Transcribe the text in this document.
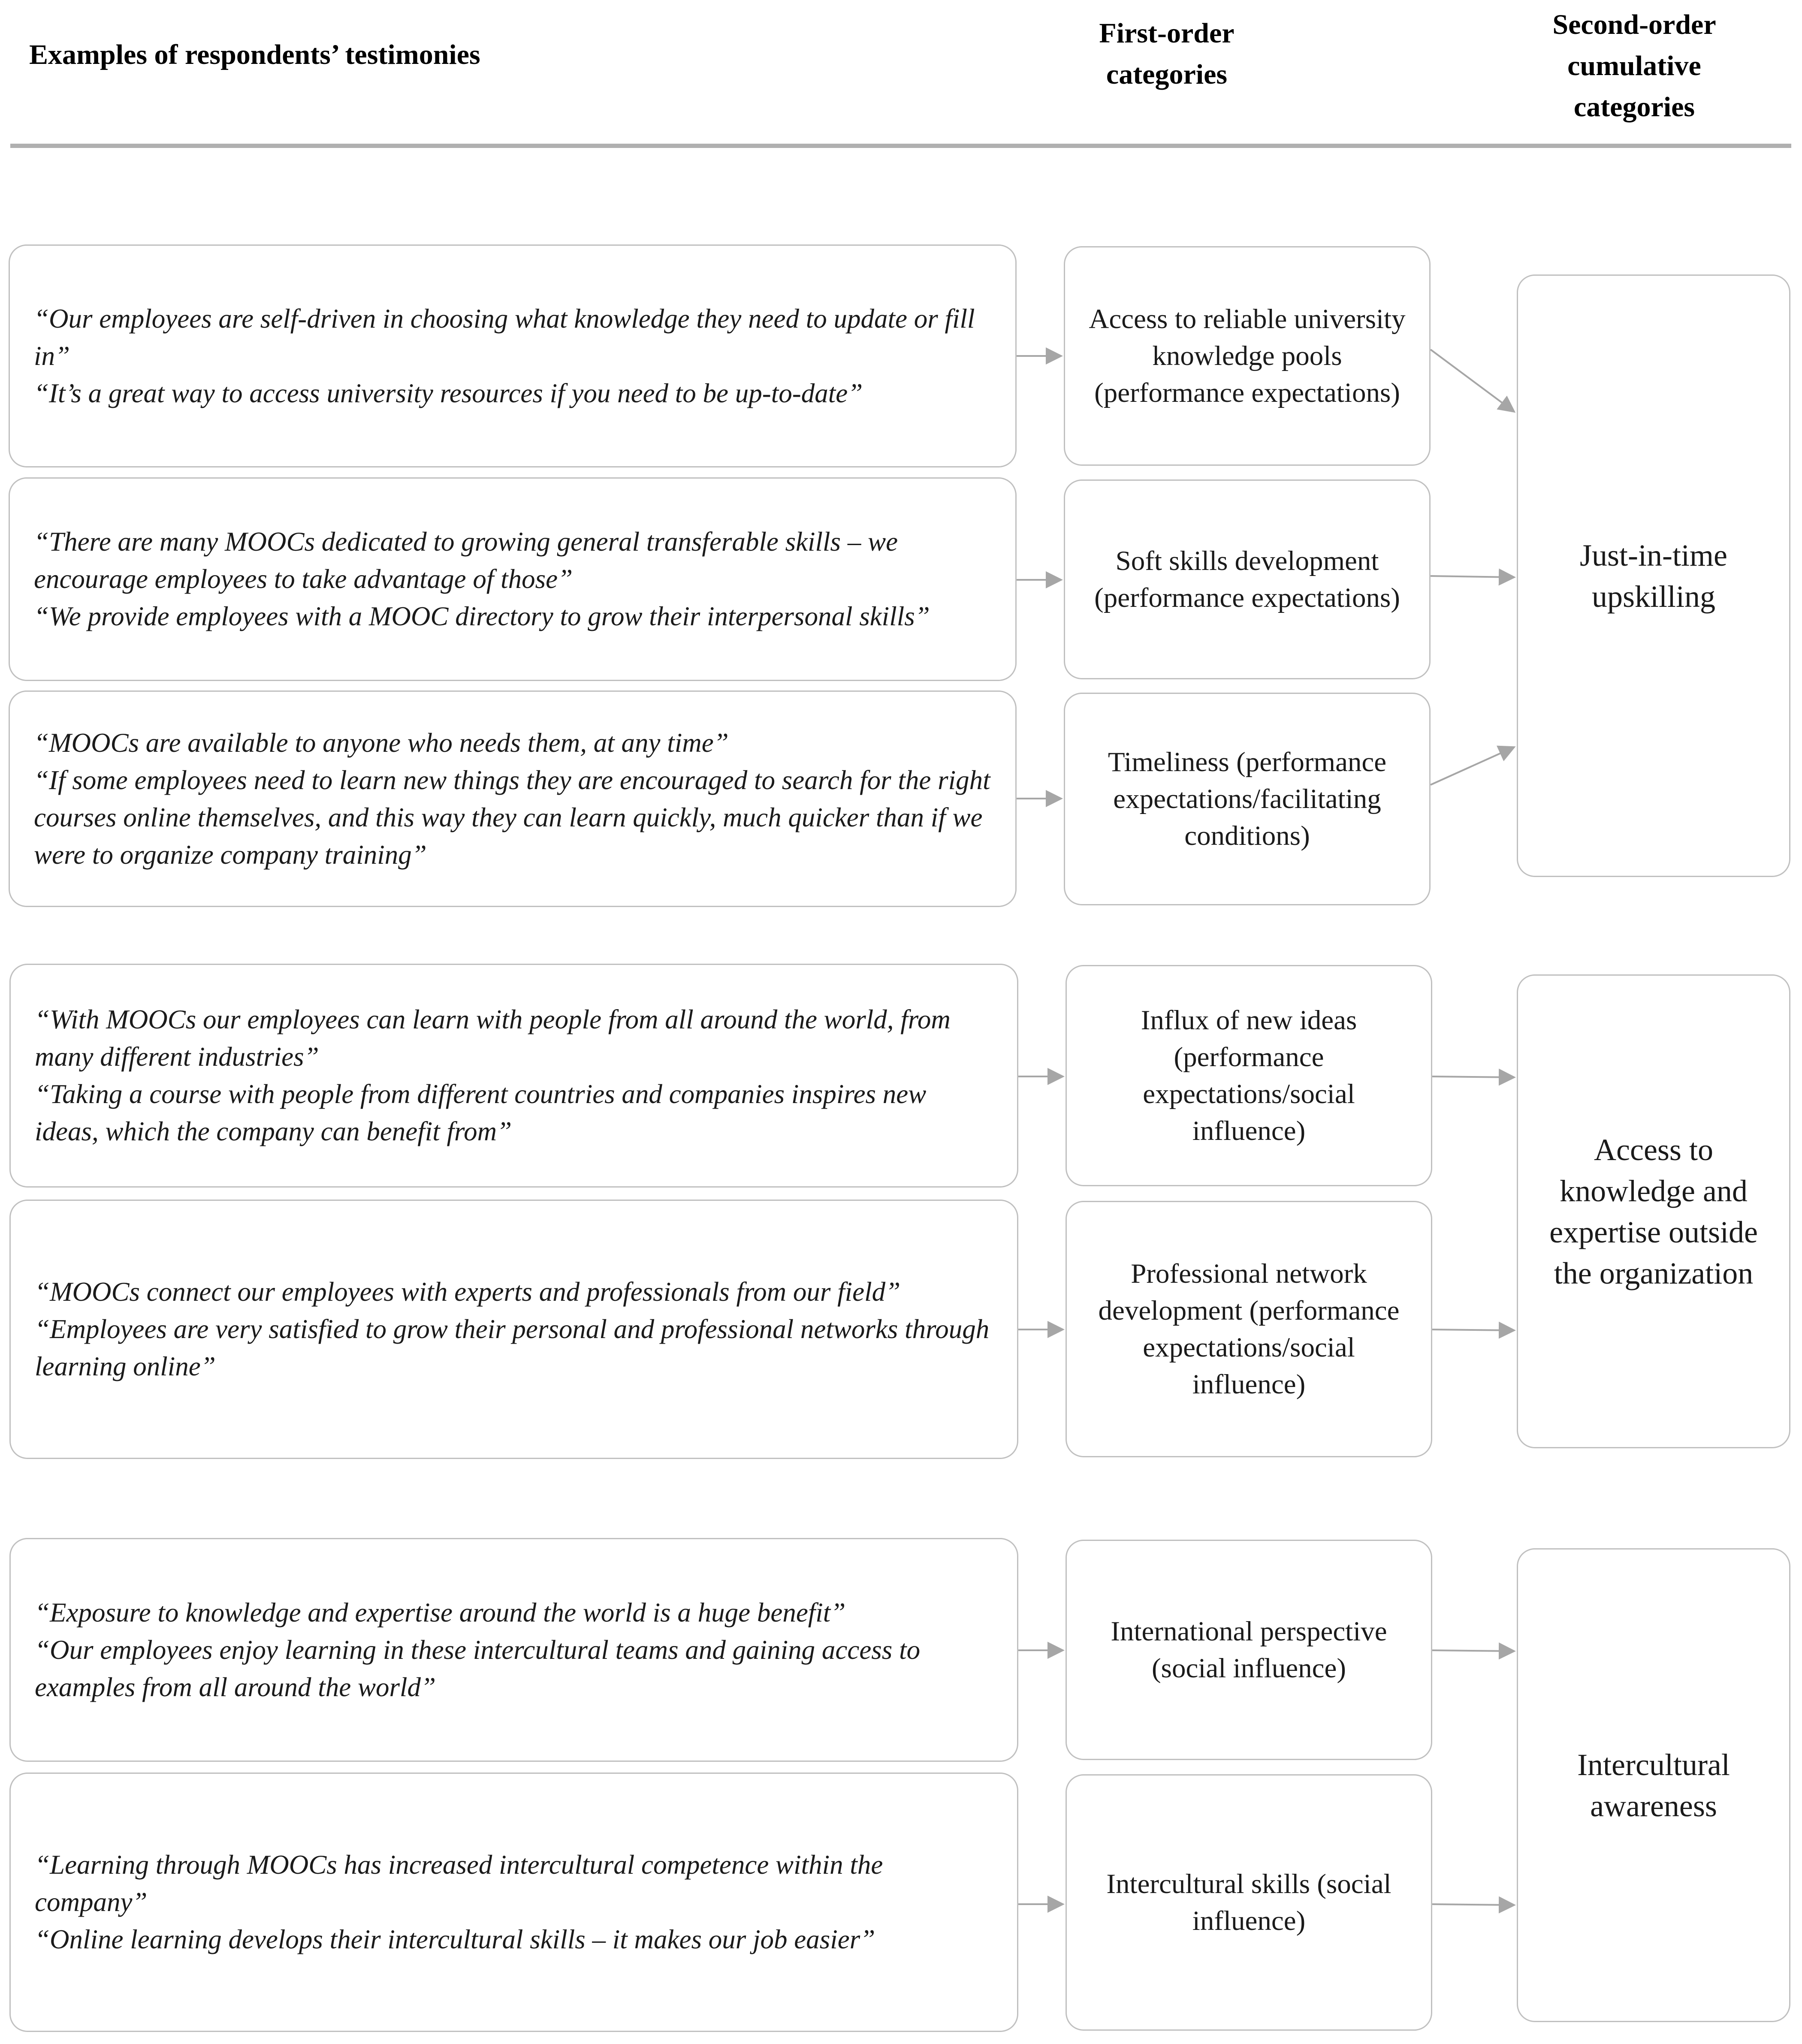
Examples of respondents’ testimonies
First-order
categories
Second-order
cumulative
categories
“Our employees are self-driven in choosing what knowledge they need to update or fill in”
“It’s a great way to access university resources if you need to be up-to-date”
Access to reliable university knowledge pools (performance expectations)
“There are many MOOCs dedicated to growing general transferable skills – we encourage employees to take advantage of those”
“We provide employees with a MOOC directory to grow their interpersonal skills”
Soft skills development (performance expectations)
“MOOCs are available to anyone who needs them, at any time”
“If some employees need to learn new things they are encouraged to search for the right courses online themselves, and this way they can learn quickly, much quicker than if we were to organize company training”
Timeliness (performance expectations/facilitating conditions)
“With MOOCs our employees can learn with people from all around the world, from many different industries”
“Taking a course with people from different countries and companies inspires new ideas, which the company can benefit from”
Influx of new ideas (performance expectations/social influence)
“MOOCs connect our employees with experts and professionals from our field”
“Employees are very satisfied to grow their personal and professional networks through learning online”
Professional network development (performance expectations/social influence)
“Exposure to knowledge and expertise around the world is a huge benefit”
“Our employees enjoy learning in these intercultural teams and gaining access to examples from all around the world”
International perspective (social influence)
“Learning through MOOCs has increased intercultural competence within the company”
“Online learning develops their intercultural skills – it makes our job easier”
Intercultural skills (social influence)
Just-in-time upskilling
Access to knowledge and expertise outside the organization
Intercultural awareness
